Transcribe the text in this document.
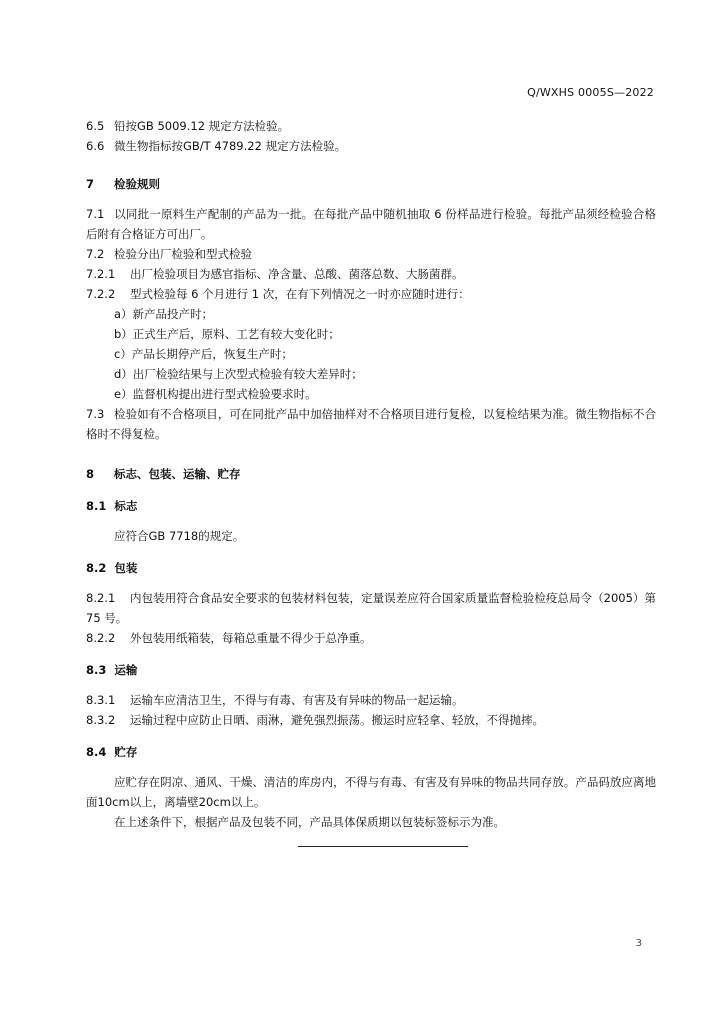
Q/WXHS 0005S—2022
6.5 铅按GB 5009.12 规定方法检验。
6.6 微生物指标按GB/T 4789.22 规定方法检验。
7 检验规则
7.1 以同批一原料生产配制的产品为一批。在每批产品中随机抽取 6 份样品进行检验。每批产品须经检验合格后附有合格证方可出厂。
7.2 检验分出厂检验和型式检验
7.2.1 出厂检验项目为感官指标、净含量、总酸、菌落总数、大肠菌群。
7.2.2 型式检验每 6 个月进行 1 次，在有下列情况之一时亦应随时进行：
a）新产品投产时；
b）正式生产后，原料、工艺有较大变化时；
c）产品长期停产后，恢复生产时；
d）出厂检验结果与上次型式检验有较大差异时；
e）监督机构提出进行型式检验要求时。
7.3 检验如有不合格项目，可在同批产品中加倍抽样对不合格项目进行复检，以复检结果为准。微生物指标不合格时不得复检。
8 标志、包装、运输、贮存
8.1 标志
应符合GB 7718的规定。
8.2 包装
8.2.1 内包装用符合食品安全要求的包装材料包装，定量误差应符合国家质量监督检验检疫总局令（2005）第 75 号。
8.2.2 外包装用纸箱装，每箱总重量不得少于总净重。
8.3 运输
8.3.1 运输车应清洁卫生，不得与有毒、有害及有异味的物品一起运输。
8.3.2 运输过程中应防止日晒、雨淋，避免强烈振荡。搬运时应轻拿、轻放，不得抛摔。
8.4 贮存
应贮存在阴凉、通风、干燥、清洁的库房内，不得与有毒、有害及有异味的物品共同存放。产品码放应离地面10cm以上，离墙壁20cm以上。
在上述条件下，根据产品及包装不同，产品具体保质期以包装标签标示为准。
3
